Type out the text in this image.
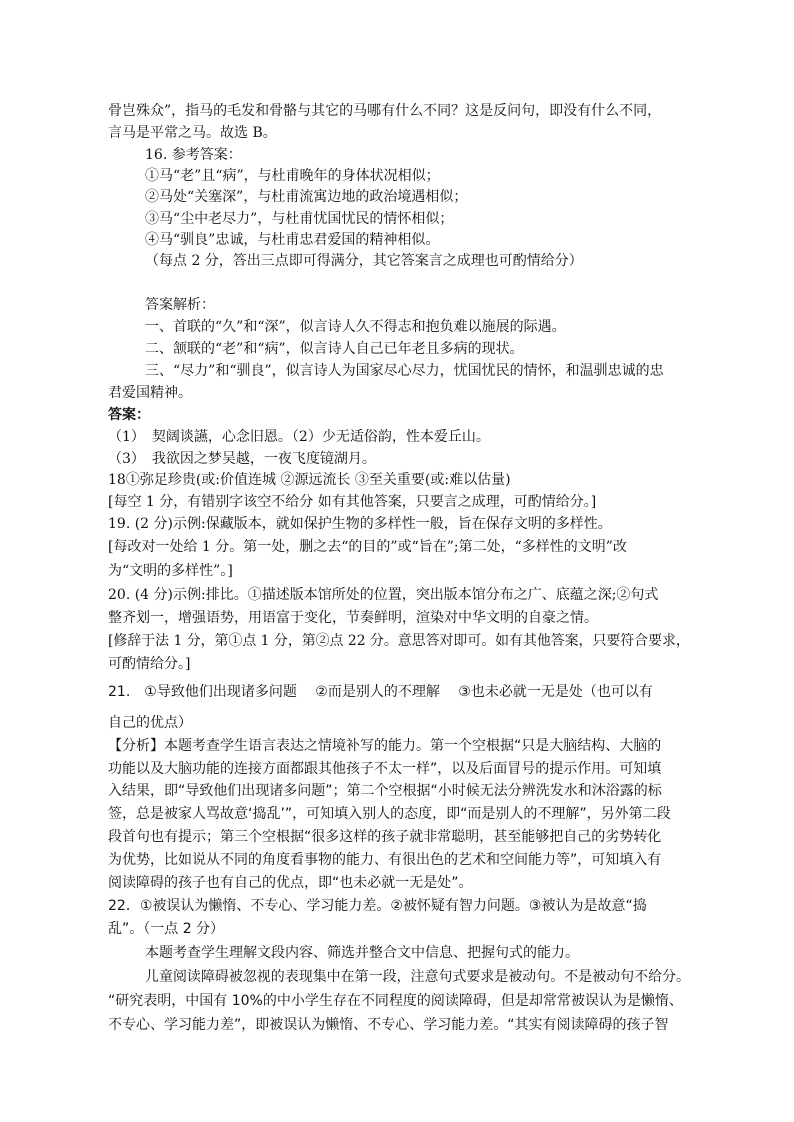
骨岂殊众”，指马的毛发和骨骼与其它的马哪有什么不同？这是反问句，即没有什么不同，
言马是平常之马。故选 B。
16. 参考答案：
①马“老”且“病”，与杜甫晚年的身体状况相似；
②马处“关塞深”，与杜甫流寓边地的政治境遇相似；
③马“尘中老尽力”，与杜甫忧国忧民的情怀相似；
④马“驯良”忠诚，与杜甫忠君爱国的精神相似。
（每点 2 分，答出三点即可得满分，其它答案言之成理也可酌情给分）
答案解析：
一、首联的“久”和“深”，似言诗人久不得志和抱负难以施展的际遇。
二、颔联的“老”和“病”，似言诗人自己已年老且多病的现状。
三、“尽力”和“驯良”，似言诗人为国家尽心尽力，忧国忧民的情怀，和温驯忠诚的忠
君爱国精神。
答案：
（1）　契阔谈讌，心念旧恩。（2）少无适俗韵，性本爱丘山。
（3）　我欲因之梦吴越，一夜飞度镜湖月。
18①弥足珍贵(或:价值连城 ②源远流长 ③至关重要(或:难以估量)
[每空 1 分，有错别字该空不给分 如有其他答案，只要言之成理，可酌情给分。]
19. (2 分)示例:保藏版本，就如保护生物的多样性一般，旨在保存文明的多样性。
[每改对一处给 1 分。第一处，删之去“的目的”或“旨在”;第二处，“多样性的文明”改
为“文明的多样性”。]
20. (4 分)示例:排比。①描述版本馆所处的位置，突出版本馆分布之广、底蕴之深;②句式
整齐划一，增强语势，用语富于变化，节奏鲜明，渲染对中华文明的自豪之情。
[修辞于法 1 分，第①点 1 分，第②点 22 分。意思答对即可。如有其他答案，只要符合要求，
可酌情给分。]
21.　①导致他们出现诸多问题　 ②而是别人的不理解　 ③也未必就一无是处（也可以有
自己的优点）
【分析】本题考查学生语言表达之情境补写的能力。第一个空根据“只是大脑结构、大脑的
功能以及大脑功能的连接方面都跟其他孩子不太一样”，以及后面冒号的提示作用。可知填
入结果，即“导致他们出现诸多问题”；第二个空根据“小时候无法分辨洗发水和沐浴露的标
签，总是被家人骂故意‘捣乱’”，可知填入别人的态度，即“而是别人的不理解”，另外第二段
段首句也有提示；第三个空根据“很多这样的孩子就非常聪明，甚至能够把自己的劣势转化
为优势，比如说从不同的角度看事物的能力、有很出色的艺术和空间能力等”，可知填入有
阅读障碍的孩子也有自己的优点，即“也未必就一无是处”。
22．①被误认为懒惰、不专心、学习能力差。②被怀疑有智力问题。③被认为是故意“捣
乱”。（一点 2 分）
本题考查学生理解文段内容、筛选并整合文中信息、把握句式的能力。
儿童阅读障碍被忽视的表现集中在第一段，注意句式要求是被动句。不是被动句不给分。
“研究表明，中国有 10%的中小学生存在不同程度的阅读障碍，但是却常常被误认为是懒惰、
不专心、学习能力差”，即被误认为懒惰、不专心、学习能力差。“其实有阅读障碍的孩子智
